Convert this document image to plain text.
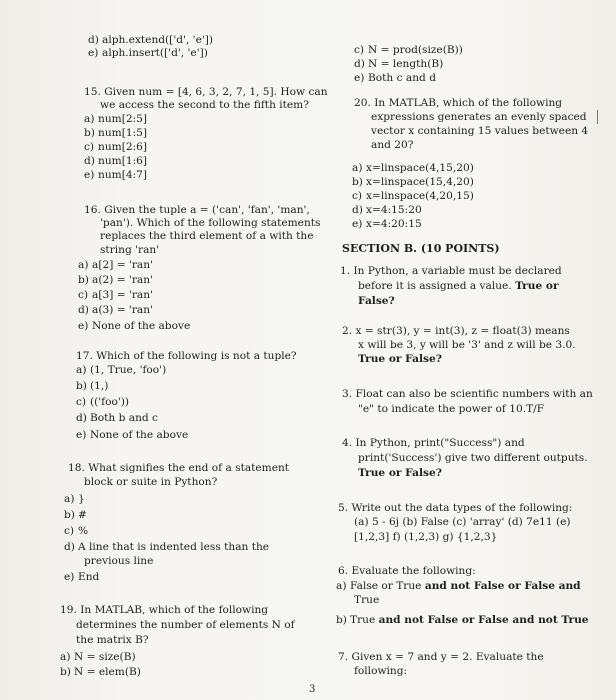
d) alph.extend(['d', 'e'])
e) alph.insert(['d', 'e'])
15. Given num = [4, 6, 3, 2, 7, 1, 5]. How can
we access the second to the fifth item?
a) num[2:5]
b) num[1:5]
c) num[2:6]
d) num[1:6]
e) num[4:7]
16. Given the tuple a = ('can', 'fan', 'man',
'pan'). Which of the following statements
replaces the third element of a with the
string 'ran'
a) a[2] = 'ran'
b) a(2) = 'ran'
c) a[3] = 'ran'
d) a(3) = 'ran'
e) None of the above
17. Which of the following is not a tuple?
a) (1, True, 'foo')
b) (1,)
c) (('foo'))
d) Both b and c
e) None of the above
18. What signifies the end of a statement
block or suite in Python?
a) }
b) #
c) %
d) A line that is indented less than the
previous line
e) End
19. In MATLAB, which of the following
determines the number of elements N of
the matrix B?
a) N = size(B)
b) N = elem(B)
c) N = prod(size(B))
d) N = length(B)
e) Both c and d
20. In MATLAB, which of the following
expressions generates an evenly spaced
vector x containing 15 values between 4
and 20?
a) x=linspace(4,15,20)
b) x=linspace(15,4,20)
c) x=linspace(4,20,15)
d) x=4:15:20
e) x=4:20:15
SECTION B. (10 POINTS)
1. In Python, a variable must be declared
before it is assigned a value. True or
False?
2. x = str(3), y = int(3), z = float(3) means
x will be 3, y will be '3' and z will be 3.0.
True or False?
3. Float can also be scientific numbers with an
"e" to indicate the power of 10.T/F
4. In Python, print("Success") and
print('Success') give two different outputs.
True or False?
5. Write out the data types of the following:
(a) 5 - 6j (b) False (c) 'array' (d) 7e11 (e)
[1,2,3] f) (1,2,3) g) {1,2,3}
6. Evaluate the following:
a) False or True and not False or False and
True
b) True and not False or False and not True
7. Given x = 7 and y = 2. Evaluate the
following:
3
